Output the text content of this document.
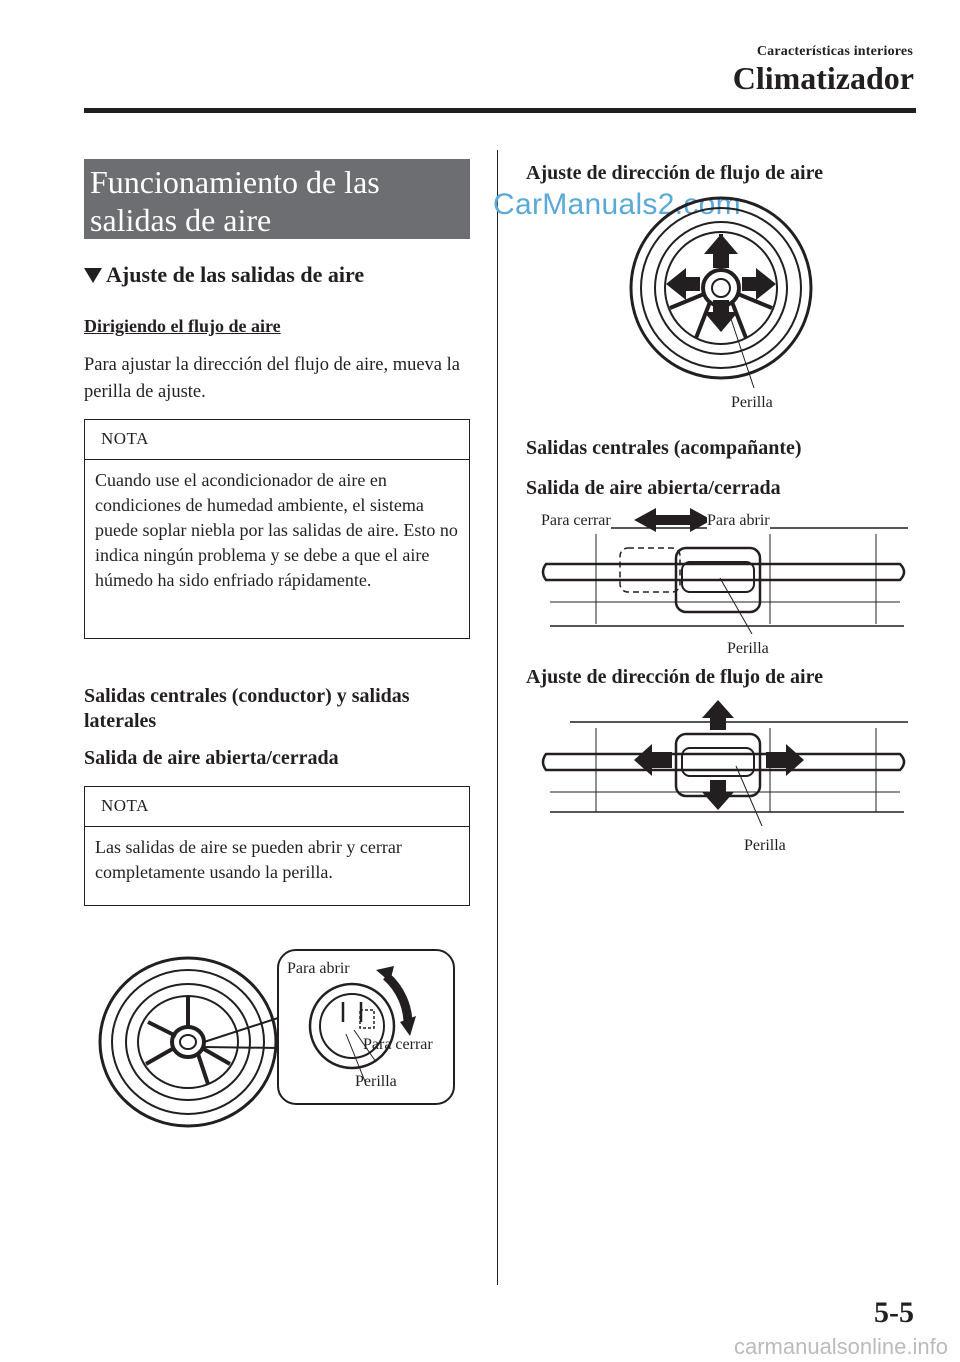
Características interiores
Climatizador
Funcionamiento de las salidas de aire
Ajuste de las salidas de aire
Dirigiendo el flujo de aire
Para ajustar la dirección del flujo de aire, mueva la perilla de ajuste.
NOTA
Cuando use el acondicionador de aire en condiciones de humedad ambiente, el sistema puede soplar niebla por las salidas de aire. Esto no indica ningún problema y se debe a que el aire húmedo ha sido enfriado rápidamente.
Salidas centrales (conductor) y salidas laterales
Salida de aire abierta/cerrada
NOTA
Las salidas de aire se pueden abrir y cerrar completamente usando la perilla.
Para abrir
Para cerrar
Perilla
Ajuste de dirección de flujo de aire
CarManuals2.com
Perilla
Salidas centrales (acompañante)
Salida de aire abierta/cerrada
Para cerrar	Para abrir
Perilla
Ajuste de dirección de flujo de aire
Perilla
5-5
carmanualsonline.info
